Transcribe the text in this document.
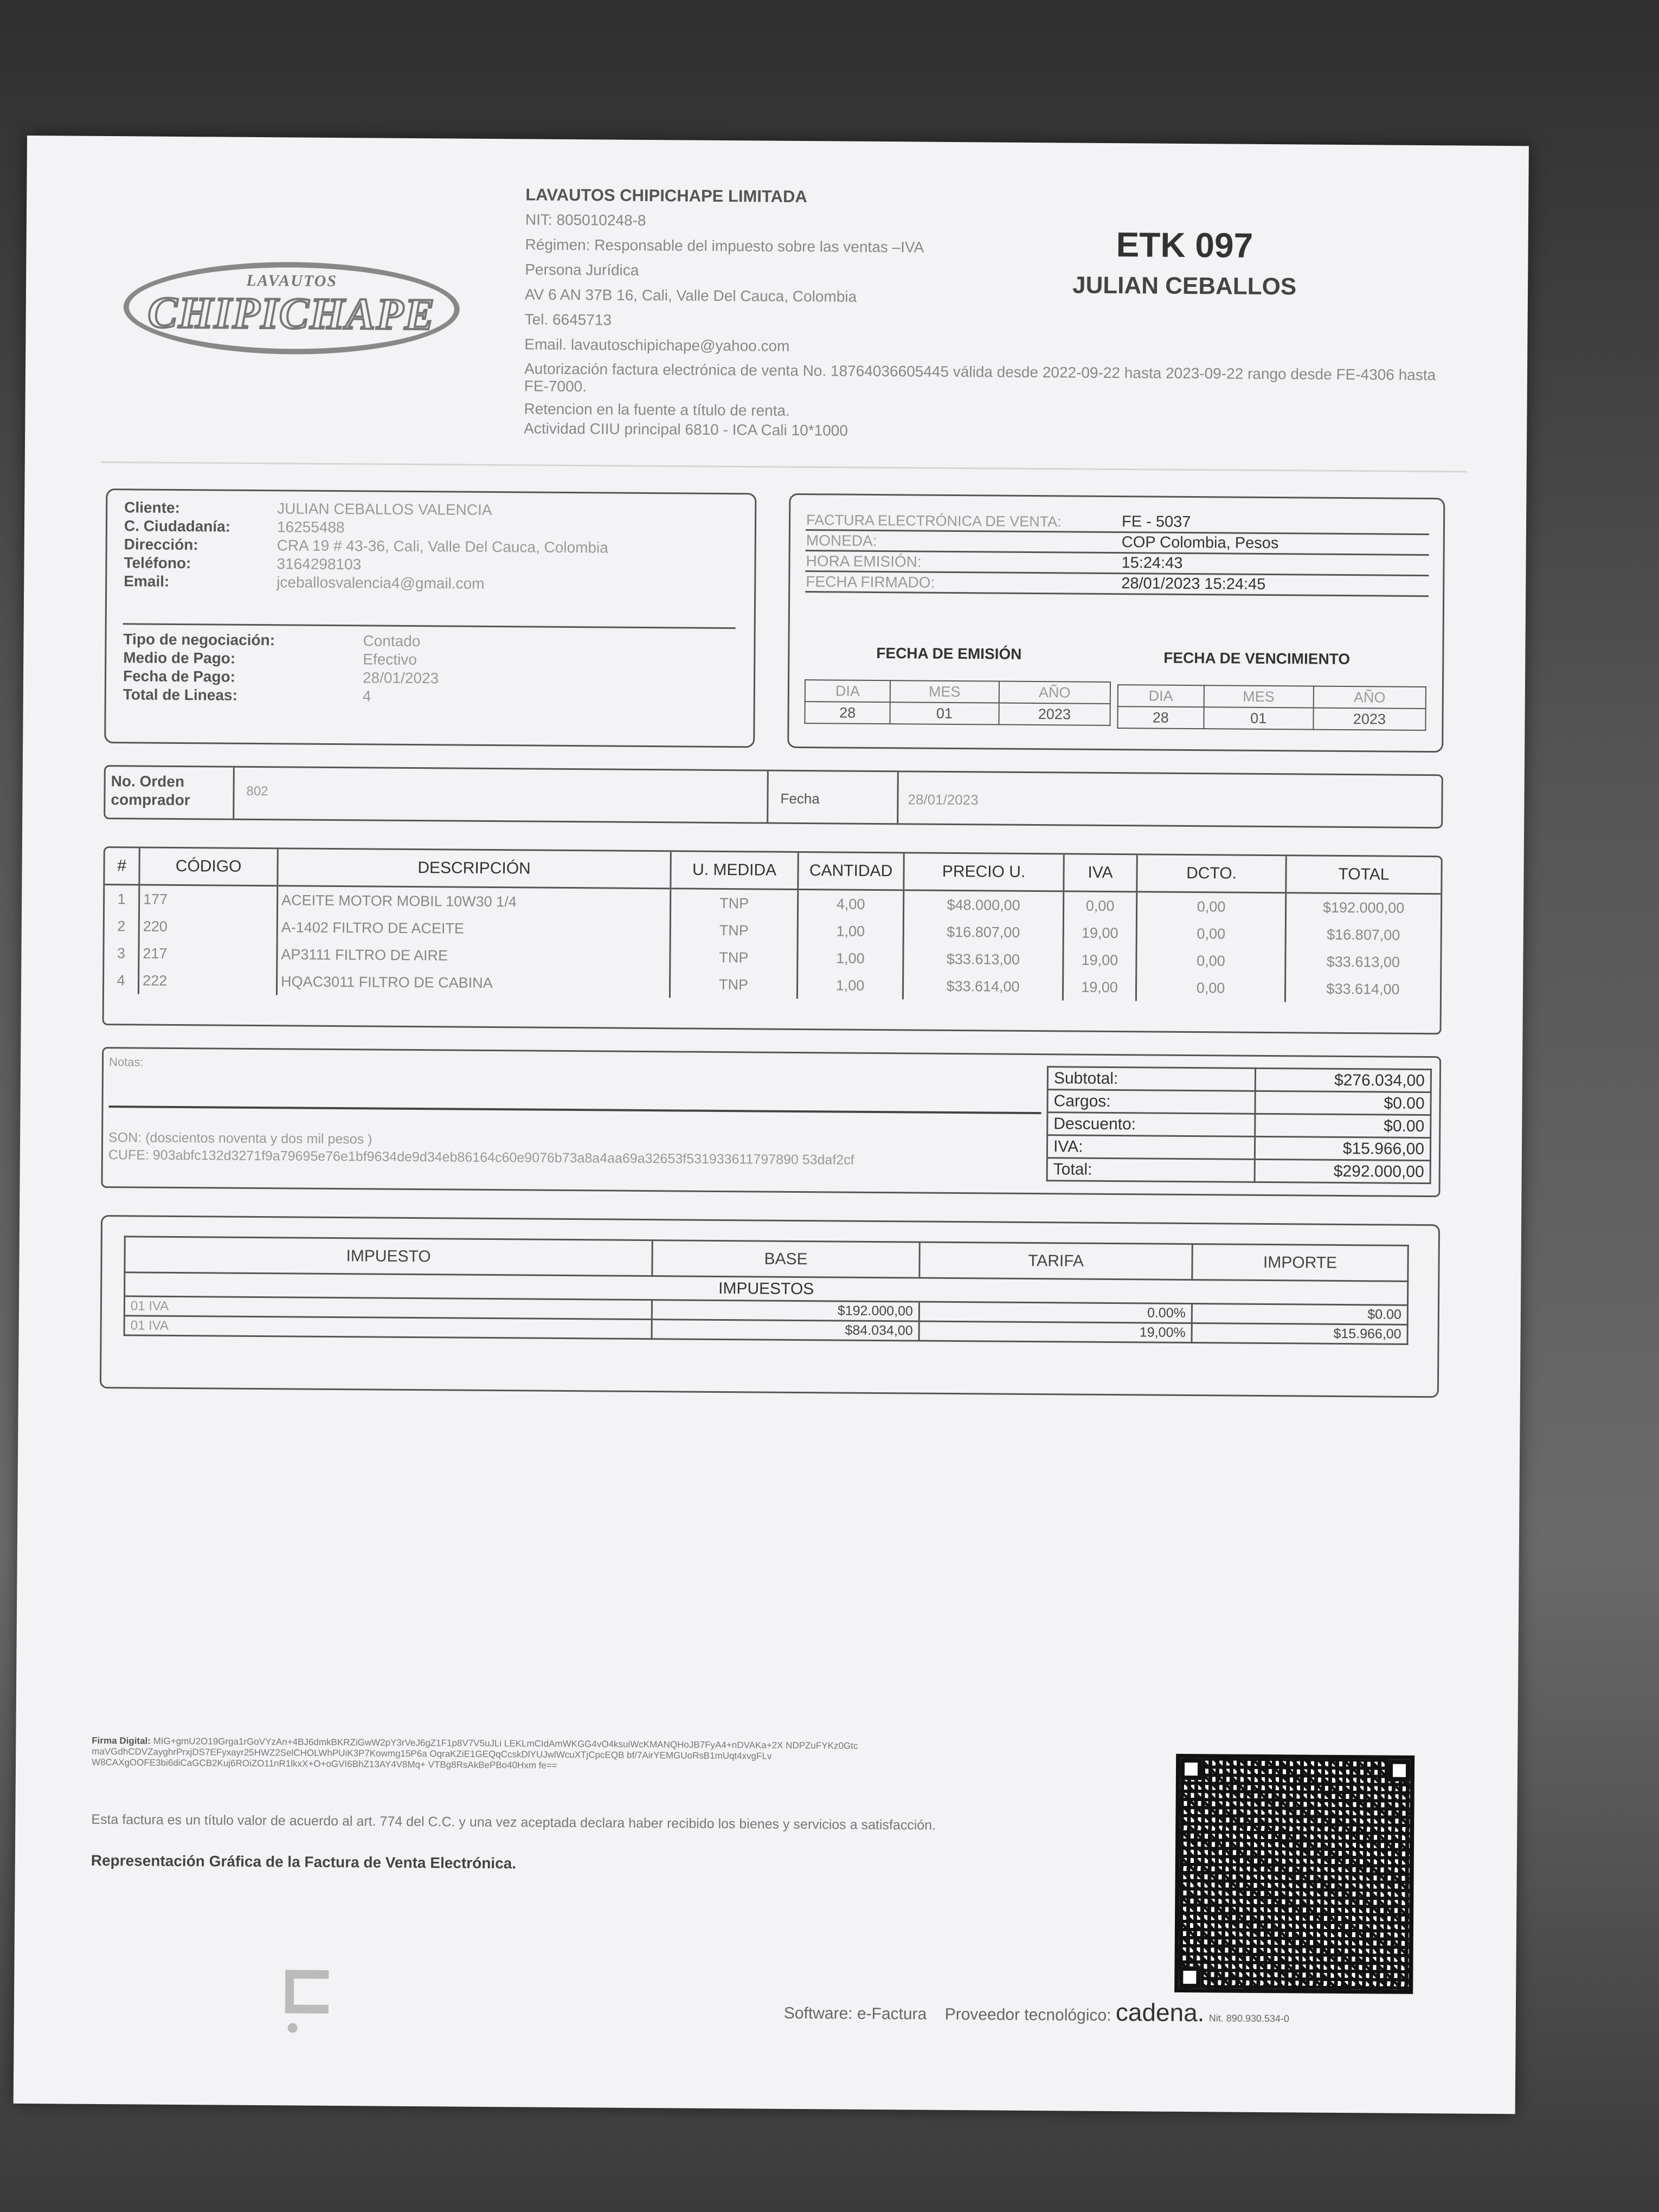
LAVAUTOS
CHIPICHAPE
LAVAUTOS CHIPICHAPE LIMITADA
NIT: 805010248-8
Régimen: Responsable del impuesto sobre las ventas –IVA
Persona Jurídica
AV 6 AN 37B 16, Cali, Valle Del Cauca, Colombia
Tel. 6645713
Email. lavautoschipichape@yahoo.com
Autorización factura electrónica de venta No. 18764036605445 válida desde 2022-09-22 hasta 2023-09-22 rango desde FE-4306 hasta FE-7000.
Retencion en la fuente a título de renta.
Actividad CIIU principal 6810 - ICA Cali 10*1000
ETK 097
JULIAN CEBALLOS
Cliente:	JULIAN CEBALLOS VALENCIA
C. Ciudadanía:	16255488
Dirección:	CRA 19 # 43-36, Cali, Valle Del Cauca, Colombia
Teléfono:	3164298103
Email:	jceballosvalencia4@gmail.com
Tipo de negociación:	Contado
Medio de Pago:	Efectivo
Fecha de Pago:	28/01/2023
Total de Lineas:	4
FACTURA ELECTRÓNICA DE VENTA:	FE - 5037
MONEDA:	COP Colombia, Pesos
HORA EMISIÓN:	15:24:43
FECHA FIRMADO:	28/01/2023 15:24:45
FECHA DE EMISIÓN	FECHA DE VENCIMIENTO
DIA	MES	AÑO
28	01	2023
DIA	MES	AÑO
28	01	2023
No. Orden comprador	802	Fecha	28/01/2023
#	CÓDIGO	DESCRIPCIÓN	U. MEDIDA	CANTIDAD	PRECIO U.	IVA	DCTO.	TOTAL
1	177	ACEITE MOTOR MOBIL 10W30 1/4	TNP	4,00	$48.000,00	0,00	0,00	$192.000,00
2	220	A-1402 FILTRO DE ACEITE	TNP	1,00	$16.807,00	19,00	0,00	$16.807,00
3	217	AP3111 FILTRO DE AIRE	TNP	1,00	$33.613,00	19,00	0,00	$33.613,00
4	222	HQAC3011 FILTRO DE CABINA	TNP	1,00	$33.614,00	19,00	0,00	$33.614,00
Notas:
SON: (doscientos noventa y dos mil pesos )
CUFE: 903abfc132d3271f9a79695e76e1bf9634de9d34eb86164c60e9076b73a8a4aa69a32653f531933611797890 53daf2cf
Subtotal:	$276.034,00
Cargos:	$0.00
Descuento:	$0.00
IVA:	$15.966,00
Total:	$292.000,00
IMPUESTO	BASE	TARIFA	IMPORTE
IMPUESTOS			
01 IVA	$192.000,00	0.00%	$0.00
01 IVA	$84.034,00	19,00%	$15.966,00
Firma Digital: MIG+gmU2O19Grga1rGoVYzAn+4BJ6dmkBKRZiGwW2pY3rVeJ6gZ1F1p8V7V5uJLi LEKLmCIdAmWKGG4vO4ksuiWcKMANQHoJB7FyA4+nDVAKa+2X NDPZuFYKz0Gtc maVGdhCDVZayghrPrxjDS7EFyxayr25HWZ2SelCHOLWhPUiK3P7Kowmg15P6a OqraKZiE1GEQqCcskDlYUJwlWcuXTjCpcEQB bf/7AirYEMGUoRsB1mUqt4xvgFLv W8CAXgOOFE3bi6diCaGCB2Kuj6ROiZO11nR1lkxX+O+oGVI6BhZ13AY4V8Mq+ VTBg8RsAkBePBo40Hxm fe==
Esta factura es un título valor de acuerdo al art. 774 del C.C. y una vez aceptada declara haber recibido los bienes y servicios a satisfacción.
Representación Gráfica de la Factura de Venta Electrónica.
Software: e-Factura Proveedor tecnológico: cadena. Nit. 890.930.534-0
